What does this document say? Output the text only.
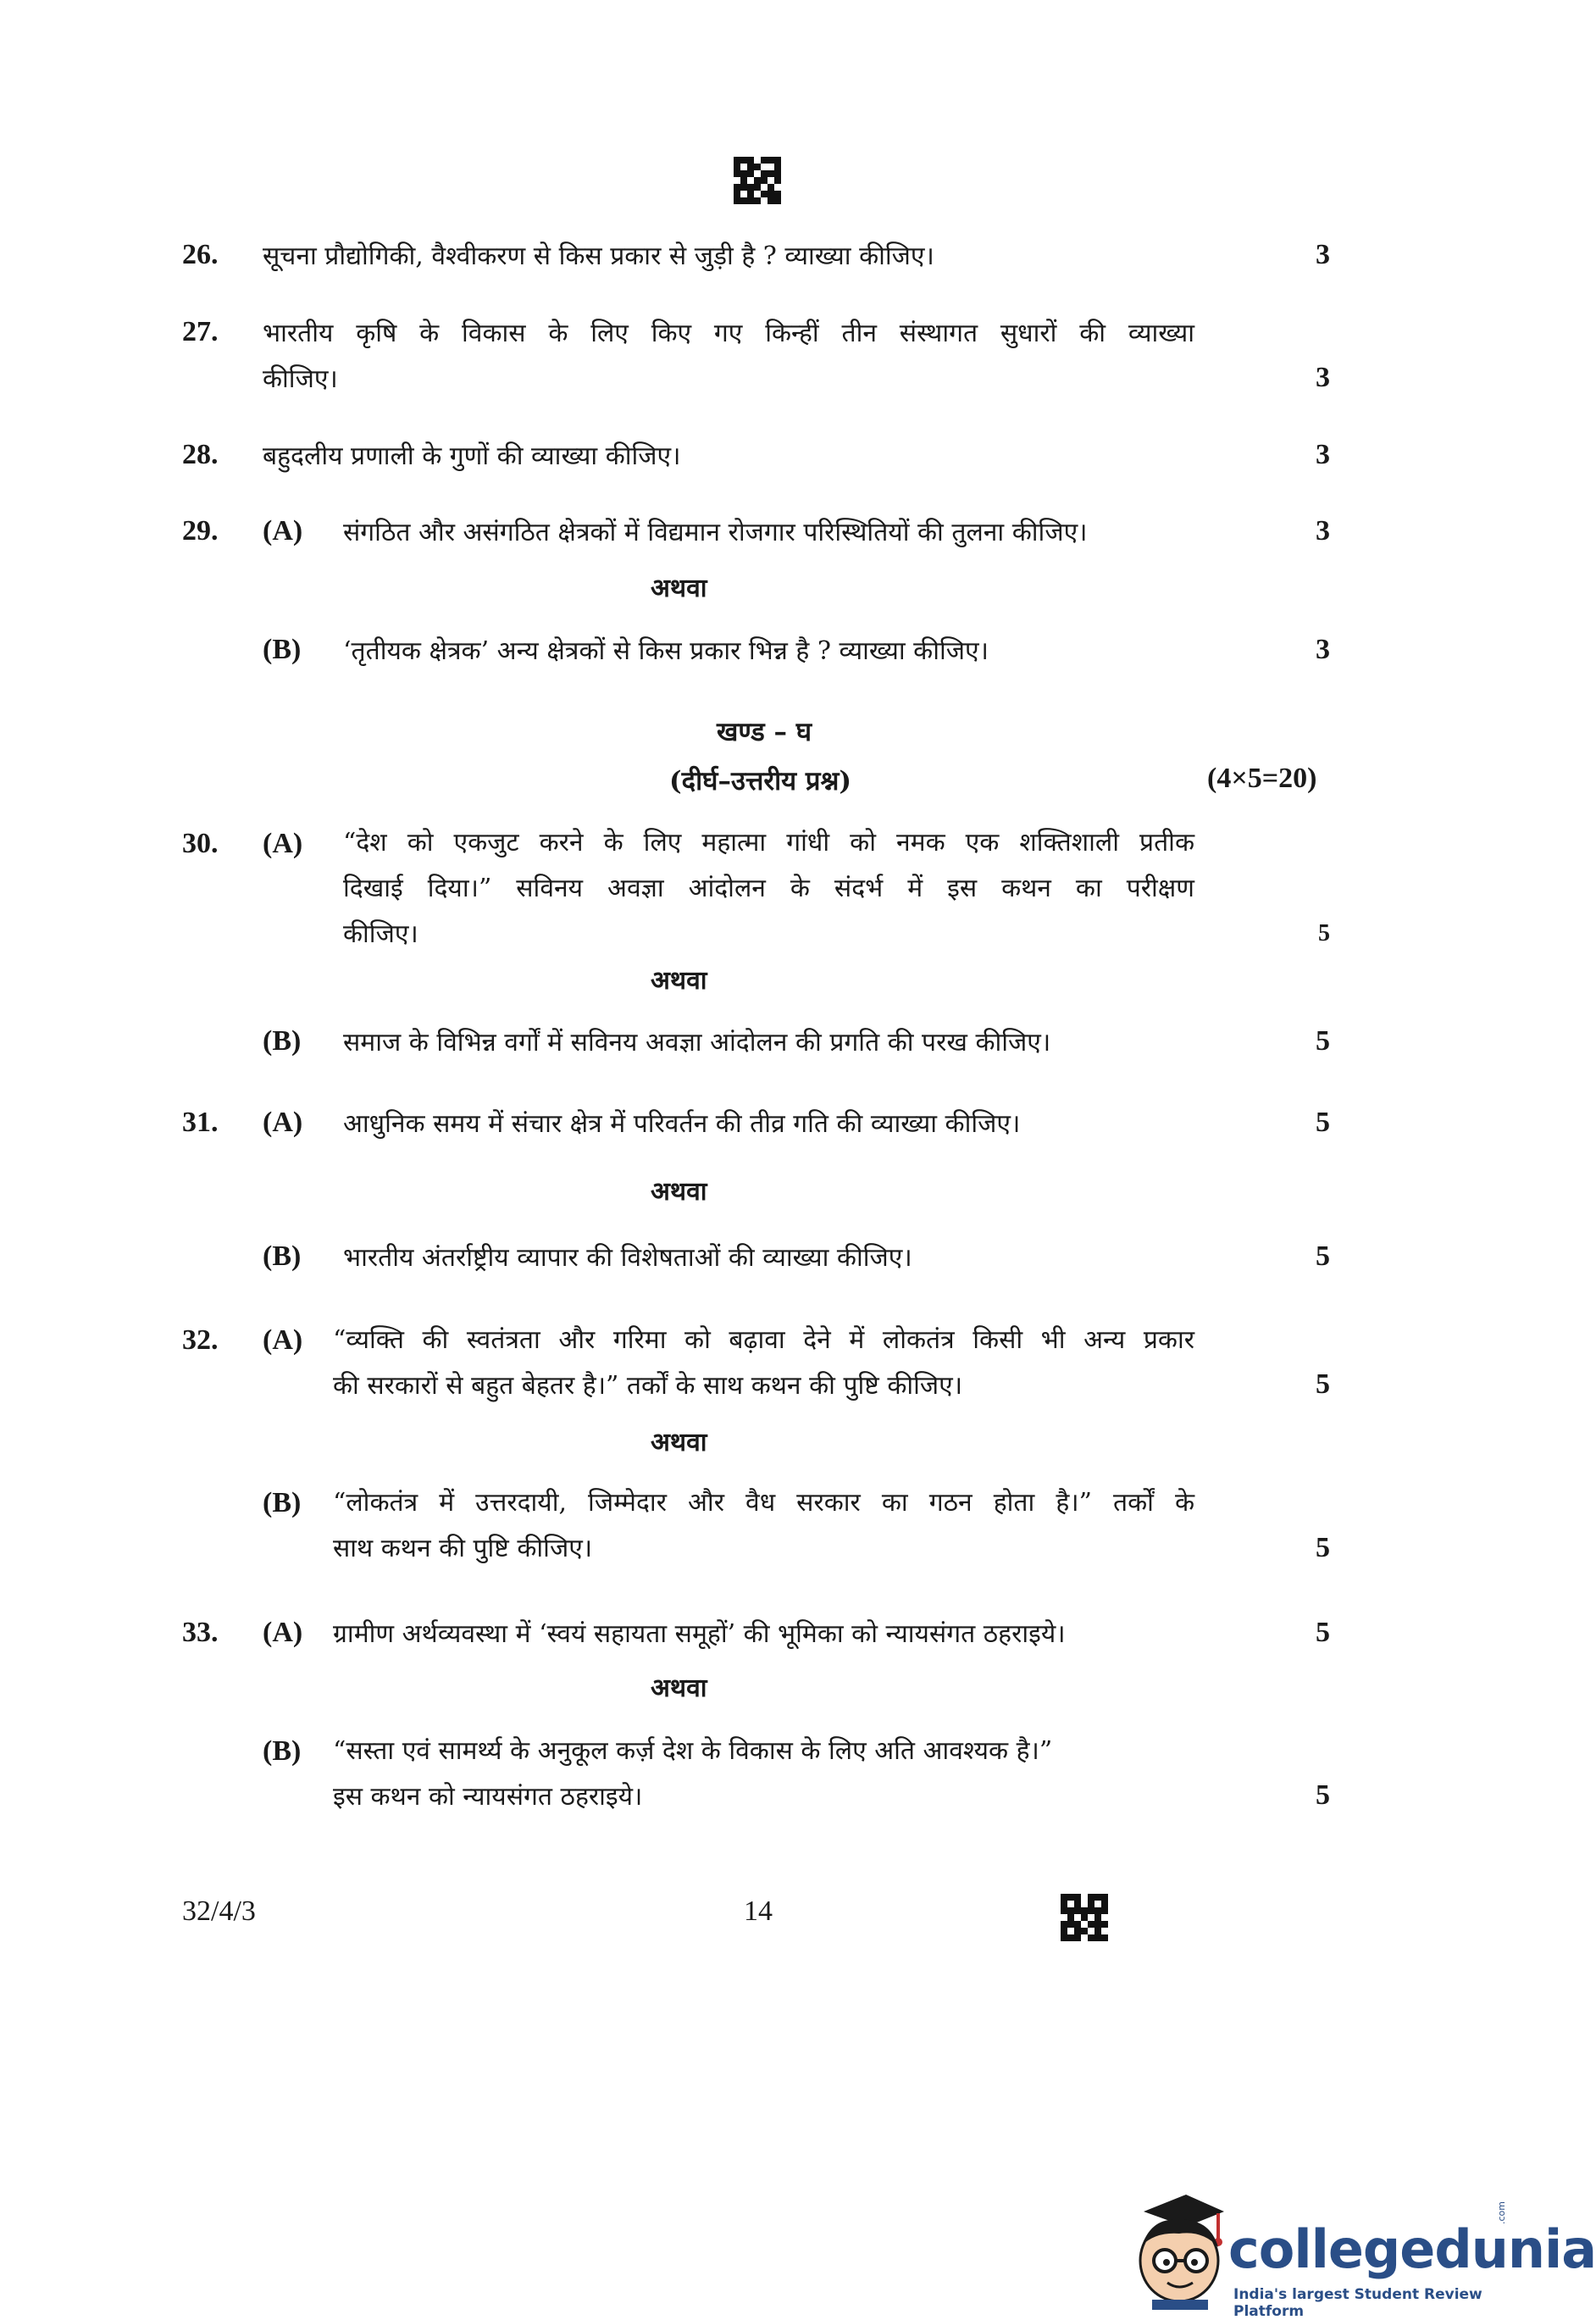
26. सूचना प्रौद्योगिकी, वैश्वीकरण से किस प्रकार से जुड़ी है ? व्याख्या कीजिए।	3
27. भारतीय कृषि के विकास के लिए किए गए किन्हीं तीन संस्थागत सुधारों की व्याख्या
कीजिए।	3
28. बहुदलीय प्रणाली के गुणों की व्याख्या कीजिए।	3
29. (A) संगठित और असंगठित क्षेत्रकों में विद्यमान रोजगार परिस्थितियों की तुलना कीजिए।	3
अथवा
(B) ‘तृतीयक क्षेत्रक’ अन्य क्षेत्रकों से किस प्रकार भिन्न है ? व्याख्या कीजिए।	3
खण्ड – घ
(दीर्घ–उत्तरीय प्रश्न)	(4×5=20)
30. (A) “देश को एकजुट करने के लिए महात्मा गांधी को नमक एक शक्तिशाली प्रतीक
दिखाई दिया।” सविनय अवज्ञा आंदोलन के संदर्भ में इस कथन का परीक्षण
कीजिए।	5
अथवा
(B) समाज के विभिन्न वर्गों में सविनय अवज्ञा आंदोलन की प्रगति की परख कीजिए।	5
31. (A) आधुनिक समय में संचार क्षेत्र में परिवर्तन की तीव्र गति की व्याख्या कीजिए।	5
अथवा
(B) भारतीय अंतर्राष्ट्रीय व्यापार की विशेषताओं की व्याख्या कीजिए।	5
32. (A) “व्यक्ति की स्वतंत्रता और गरिमा को बढ़ावा देने में लोकतंत्र किसी भी अन्य प्रकार
की सरकारों से बहुत बेहतर है।” तर्कों के साथ कथन की पुष्टि कीजिए।	5
अथवा
(B) “लोकतंत्र में उत्तरदायी, जिम्मेदार और वैध सरकार का गठन होता है।” तर्कों के
साथ कथन की पुष्टि कीजिए।	5
33. (A) ग्रामीण अर्थव्यवस्था में ‘स्वयं सहायता समूहों’ की भूमिका को न्यायसंगत ठहराइये।	5
अथवा
(B) “सस्ता एवं सामर्थ्य के अनुकूल कर्ज़ देश के विकास के लिए अति आवश्यक है।”
इस कथन को न्यायसंगत ठहराइये।	5
32/4/3	14
collegedunia
.com
India's largest Student Review Platform
